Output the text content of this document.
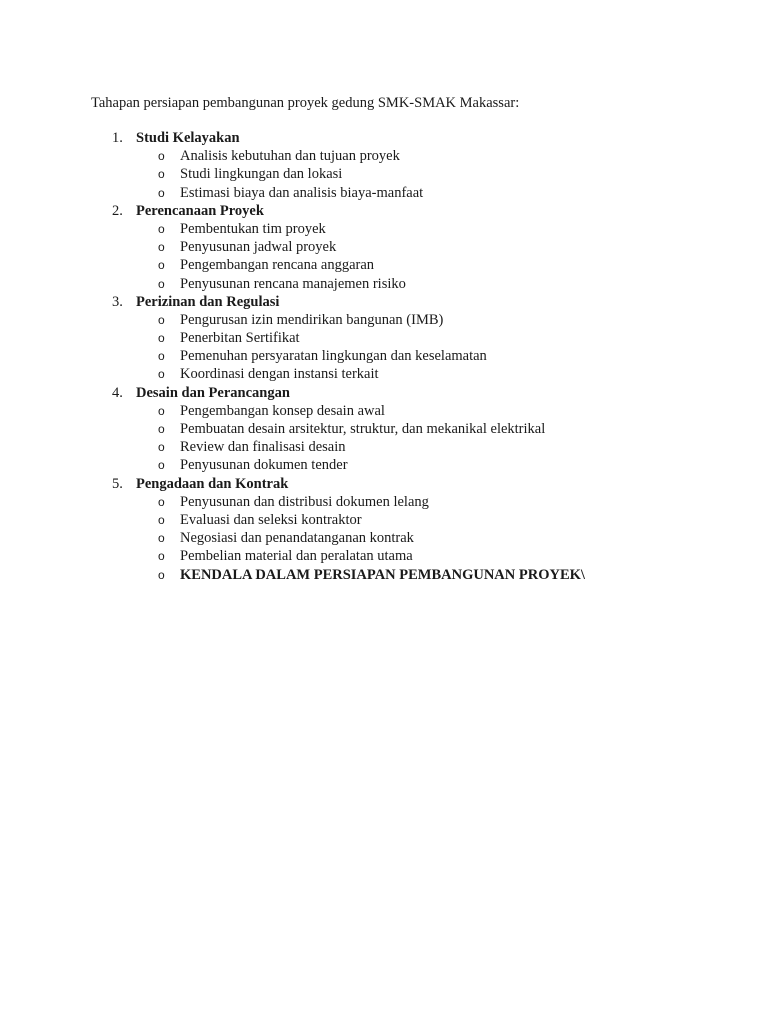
Tahapan persiapan pembangunan proyek gedung SMK-SMAK Makassar:
1. Studi Kelayakan
o Analisis kebutuhan dan tujuan proyek
o Studi lingkungan dan lokasi
o Estimasi biaya dan analisis biaya-manfaat
2. Perencanaan Proyek
o Pembentukan tim proyek
o Penyusunan jadwal proyek
o Pengembangan rencana anggaran
o Penyusunan rencana manajemen risiko
3. Perizinan dan Regulasi
o Pengurusan izin mendirikan bangunan (IMB)
o Penerbitan Sertifikat
o Pemenuhan persyaratan lingkungan dan keselamatan
o Koordinasi dengan instansi terkait
4. Desain dan Perancangan
o Pengembangan konsep desain awal
o Pembuatan desain arsitektur, struktur, dan mekanikal elektrikal
o Review dan finalisasi desain
o Penyusunan dokumen tender
5. Pengadaan dan Kontrak
o Penyusunan dan distribusi dokumen lelang
o Evaluasi dan seleksi kontraktor
o Negosiasi dan penandatanganan kontrak
o Pembelian material dan peralatan utama
o KENDALA DALAM PERSIAPAN PEMBANGUNAN PROYEK\
